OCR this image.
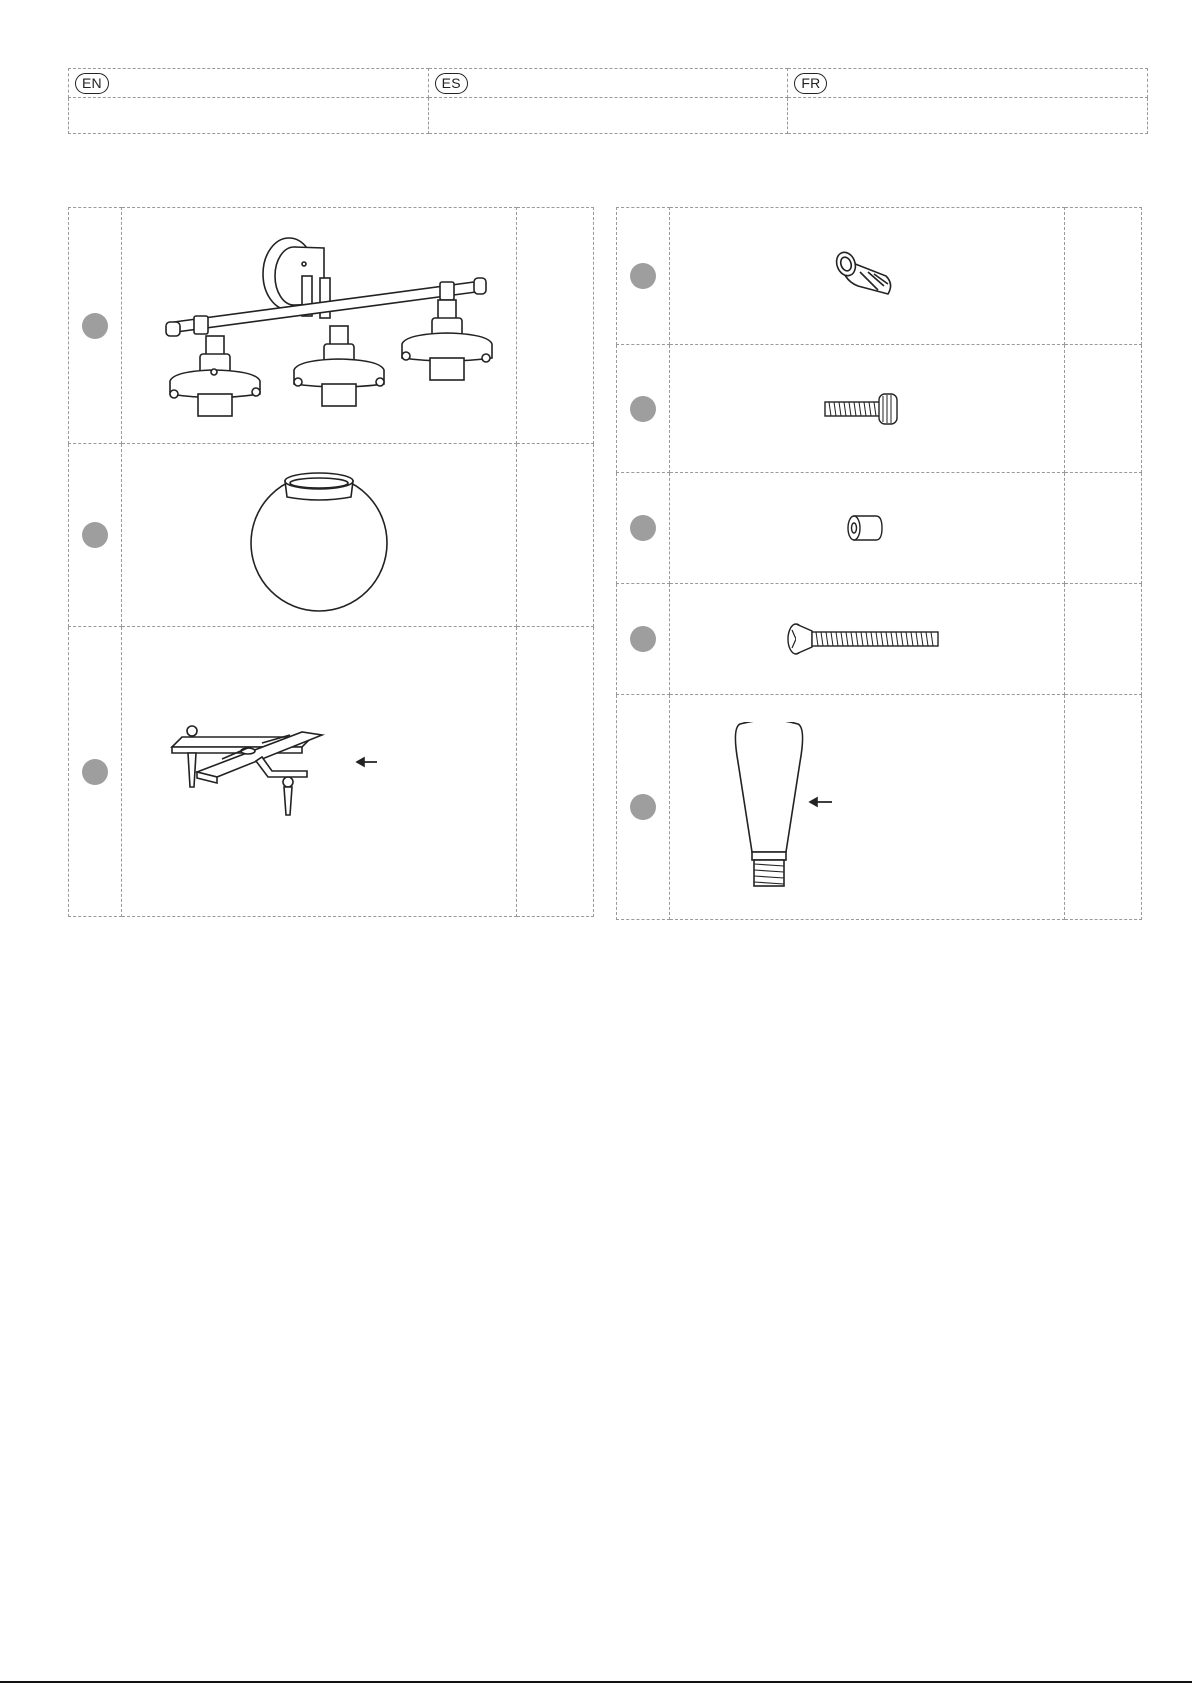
EN	ES	FR
